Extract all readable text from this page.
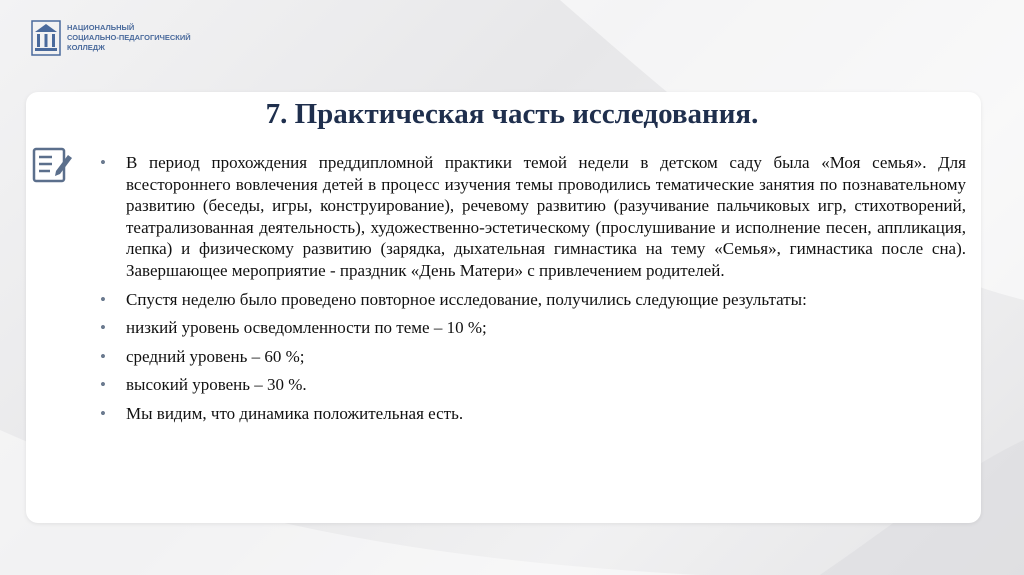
НАЦИОНАЛЬНЫЙ
СОЦИАЛЬНО-ПЕДАГОГИЧЕСКИЙ
КОЛЛЕДЖ
7. Практическая часть исследования.
• В период прохождения преддипломной практики темой недели в детском саду была «Моя семья». Для всестороннего вовлечения детей в процесс изучения темы проводились тематические занятия по познавательному развитию (беседы, игры, конструирование), речевому развитию (разучивание пальчиковых игр, стихотворений, театрализованная деятельность), художественно-эстетическому (прослушивание и исполнение песен, аппликация, лепка) и физическому развитию (зарядка, дыхательная гимнастика на тему «Семья», гимнастика после сна). Завершающее мероприятие - праздник «День Матери» с привлечением родителей.
• Спустя неделю было проведено повторное исследование, получились следующие результаты:
• низкий уровень осведомленности по теме – 10 %;
• средний уровень – 60 %;
• высокий уровень – 30 %.
• Мы видим, что динамика положительная есть.
